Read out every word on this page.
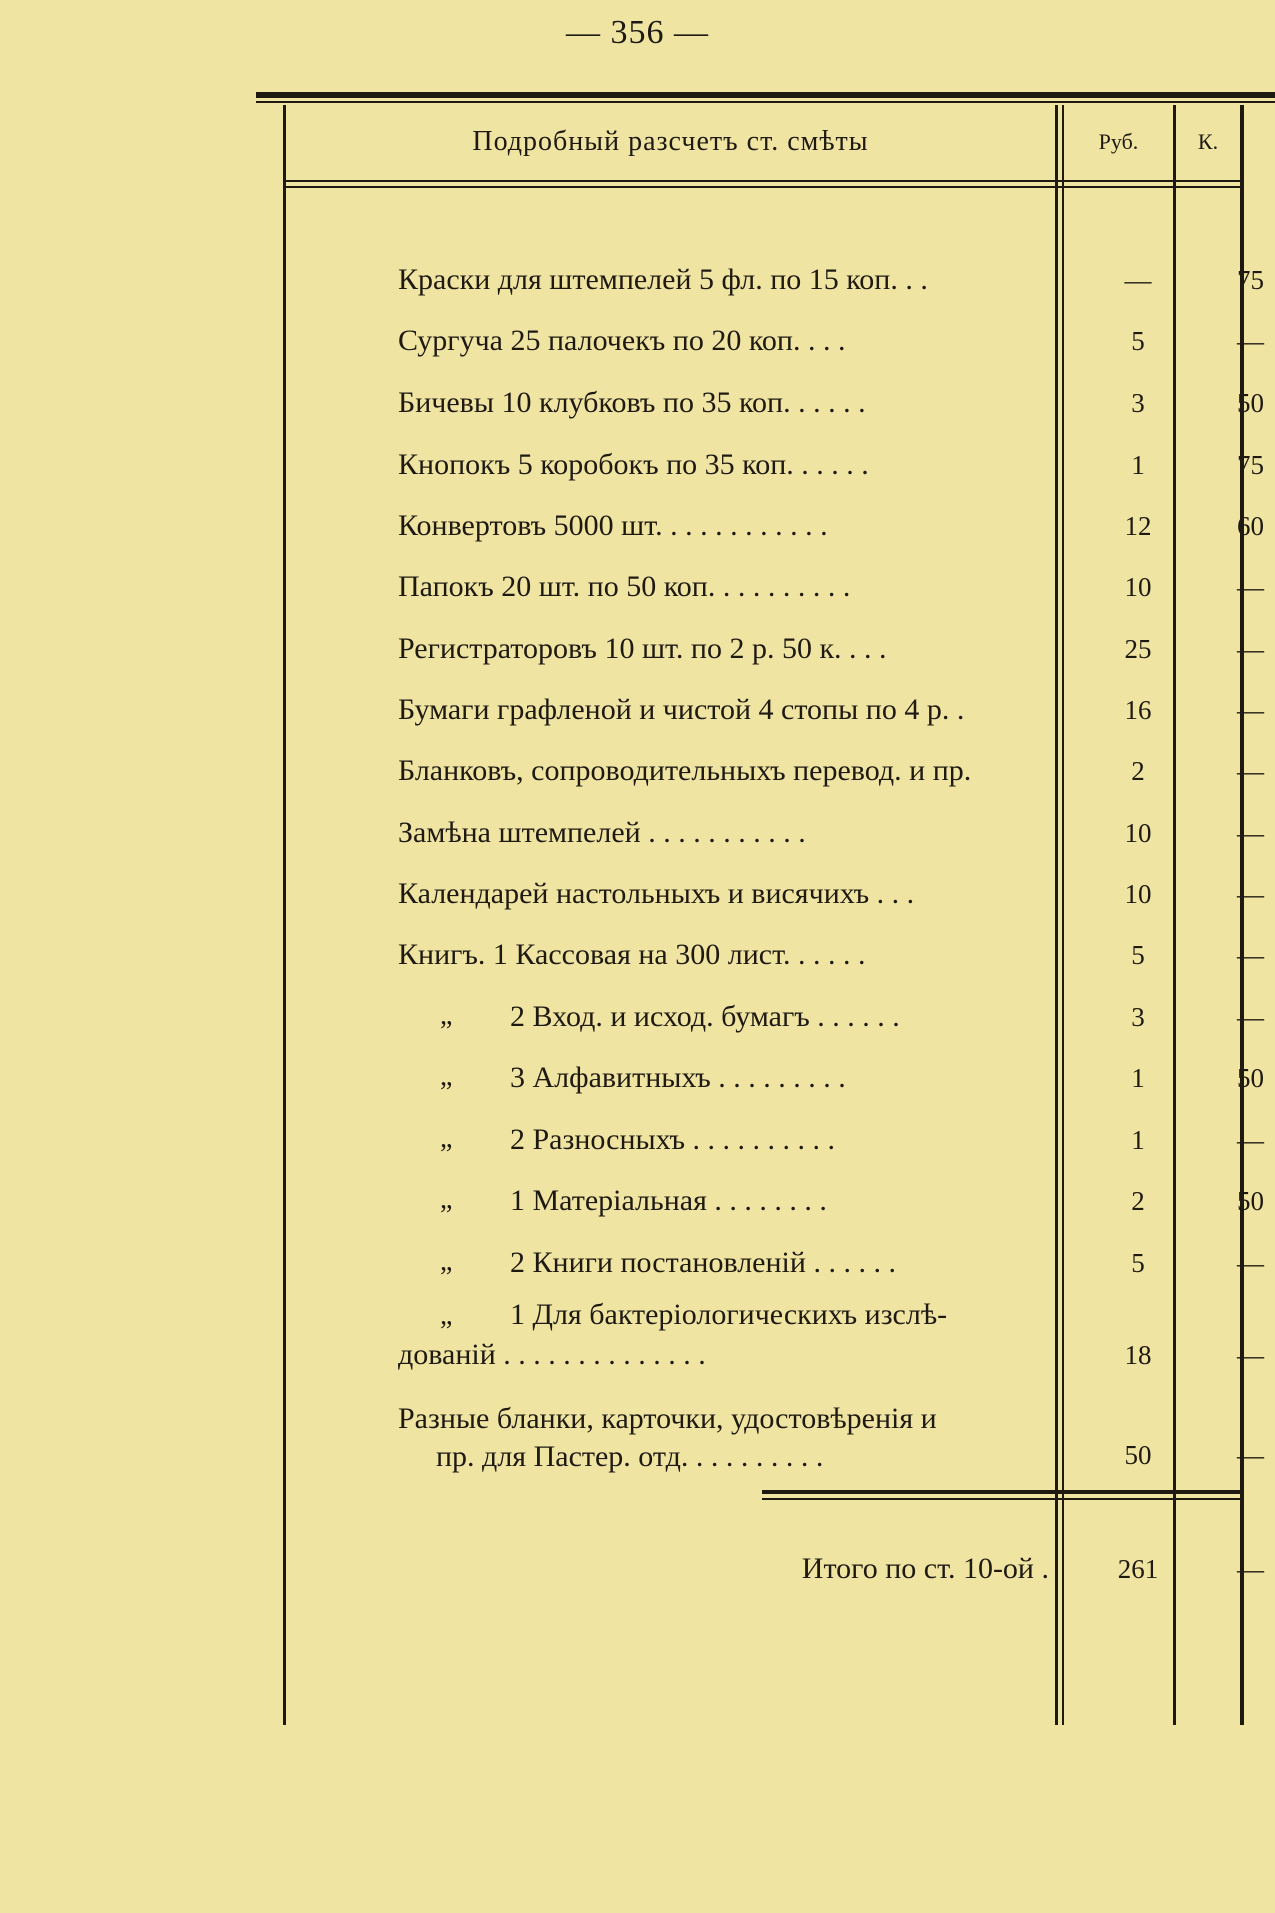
— 356 —
Подробный разсчетъ ст. смѣты	Руб.	К.
Краски для штемпелей 5 фл. по 15 коп. . .	—	75
Сургуча 25 палочекъ по 20 коп. . . .	5	—
Бичевы 10 клубковъ по 35 коп. . . . . .	3	50
Кнопокъ 5 коробокъ по 35 коп. . . . . .	1	75
Конвертовъ 5000 шт. . . . . . . . . . . .	12	60
Папокъ 20 шт. по 50 коп. . . . . . . . . .	10	—
Регистраторовъ 10 шт. по 2 р. 50 к. . . .	25	—
Бумаги графленой и чистой 4 стопы по 4 р. .	16	—
Бланковъ, сопроводительныхъ перевод. и пр.	2	—
Замѣна штемпелей . . . . . . . . . . .	10	—
Календарей настольныхъ и висячихъ . . .	10	—
Книгъ. 1 Кассовая на 300 лист. . . . . .	5	—
„ 2 Вход. и исход. бумагъ . . . . . .	3	—
„ 3 Алфавитныхъ . . . . . . . . .	1	50
„ 2 Разносныхъ . . . . . . . . . .	1	—
„ 1 Матеріальная . . . . . . . .	2	50
„ 2 Книги постановленій . . . . . .	5	—
„ 1 Для бактеріологическихъ изслѣ-
дованій . . . . . . . . . . . . . .	18	—
Разные бланки, карточки, удостовѣренія и
пр. для Пастер. отд. . . . . . . . . .	50	—
Итого по ст. 10-ой .	261	—
